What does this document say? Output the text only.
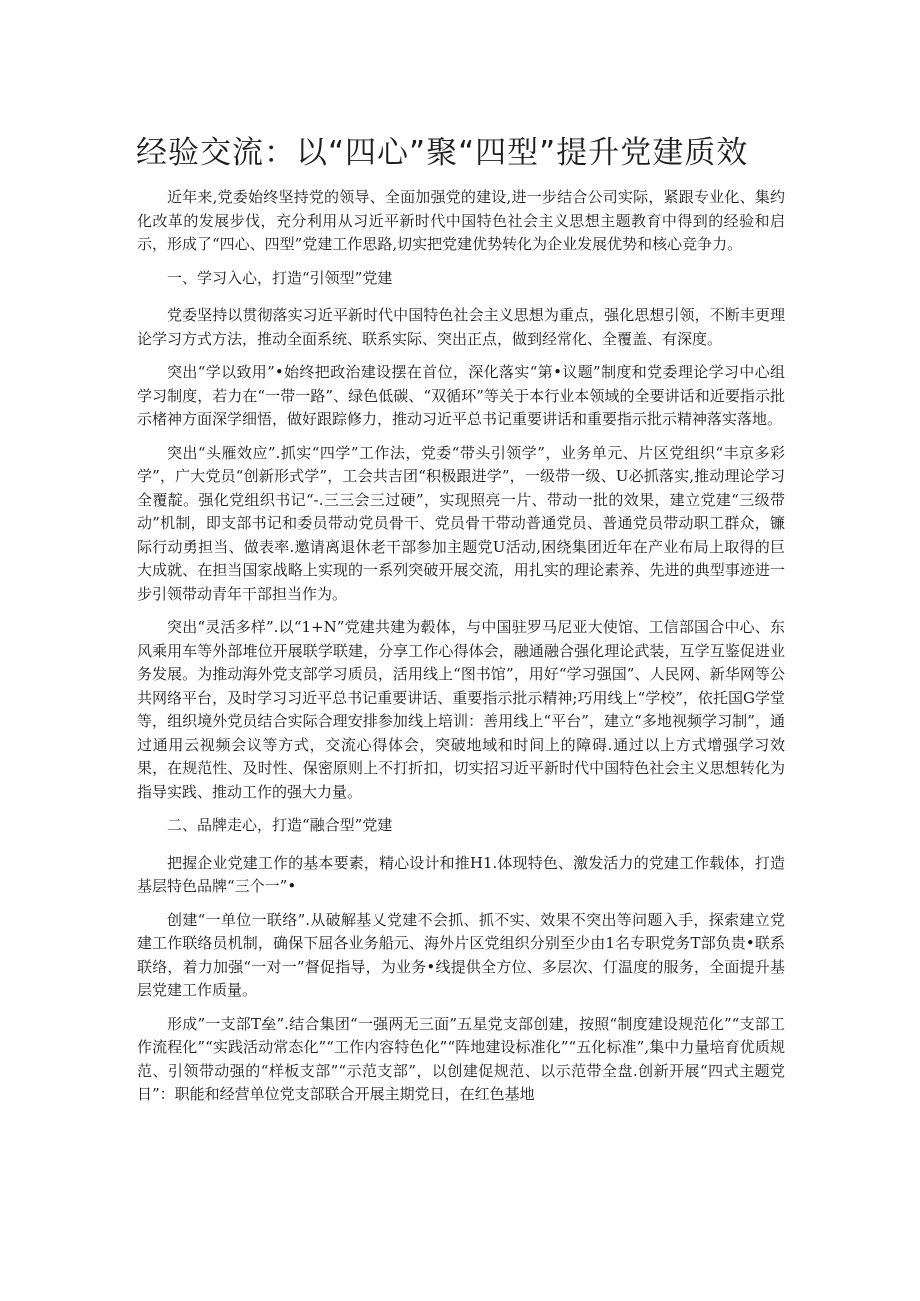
经验交流：以“四心”聚“四型”提升党建质效

近年来,党委始终坚持党的领导、全面加强党的建设,进一步结合公司实际，紧跟专业化、集约化改革的发展步伐，充分利用从习近平新时代中国特色社会主义思想主题教育中得到的经验和启示，形成了“四心、四型”党建工作思路,切实把党建优势转化为企业发展优势和核心竞争力。

一、学习入心，打造“引领型”党建

党委坚持以贯彻落实习近平新时代中国特色社会主义思想为重点，强化思想引领，不断丰更理论学习方式方法，推动全面系统、联系实际、突出正点，做到经常化、全覆盖、有深度。

突出“学以致用”•始终把政治建设摆在首位，深化落实“第•议题”制度和党委理论学习中心组学习制度，若力在“一带一路”、绿色低碳、“双循环”等关于本行业本领域的全要讲话和近要指示批示楮神方面深学细悟，做好跟踪修力，推动习近平总书记重要讲话和重要指示批示精神落实落地。

突出“头雁效应”.抓实“四学”工作法，党委“带头引领学”，业务单元、片区党组织“丰京多彩学”，广大党员“创新形式学”，工会共吉团“积极跟进学”，一级带一级、U必抓落实,推动理论学习全覆靛。强化党组织书记“-.三三会三过硬”，实现照亮一片、带动一批的效果，建立党建“三级带动”机制，即支部书记和委员带动党员骨干、党员骨干带动普通党员、普通党员带动职工群众，镰际行动勇担当、做表率.邀请离退休老干部参加主题党U活动,困绕集团近年在产业布局上取得的巨大成就、在担当国家战略上实现的一系列突破开展交流，用扎实的理论素养、先进的典型事迹进一步引领带动青年干部担当作为。

突出“灵活多样”.以“1+N”党建共建为毂体，与中国驻罗马尼亚大使馆、工信部国合中心、东风乘用车等外部堆位开展联学联建，分享工作心得体会，融通融合强化理论武装，互学互鉴促进业务发展。为推动海外党支部学习质员，活用线上“图书馆”，用好“学习强国”、人民网、新华网等公共网络平台，及时学习习近平总书记重要讲话、重要指示批示精神;巧用线上“学校”，依托国G学堂等，组织境外党员结合实际合理安排参加线上培训：善用线上“平台”，建立“多地视频学习制”，通过通用云视频会议等方式，交流心得体会，突破地域和时间上的障碍.通过以上方式增强学习效果，在规范性、及时性、保密原则上不打折扣，切实招习近平新时代中国特色社会主义思想转化为指导实践、推动工作的强大力量。

二、品牌走心，打造“融合型”党建

把握企业党建工作的基本要素，精心设计和推H1.体现特色、激发活力的党建工作载体，打造基层特色品牌“三个一”•

创建“一单位一联络”.从破解基乂党建不会抓、抓不实、效果不突出等问题入手，探索建立党建工作联络员机制，确保下屈各业务船元、海外片区党组织分别至少由1名专职党务T部负贵•联系联络，着力加强“一对一”督促指导，为业务•线提供全方位、多层次、仃温度的服务，全面提升基层党建工作质量。

形成”一支部T垒”.结合集团“一强两无三面”五星党支部创建，按照“制度建设规范化”“支部工作流程化”“实践活动常态化”“工作内容特色化”“阵地建设标准化”“五化标准”,集中力量培育优质规范、引领带动强的“样板支部”“示范支部”，以创建促规范、以示范带全盘.创新开展“四式主题党日”：职能和经营单位党支部联合开展主期党日，在红色基地
